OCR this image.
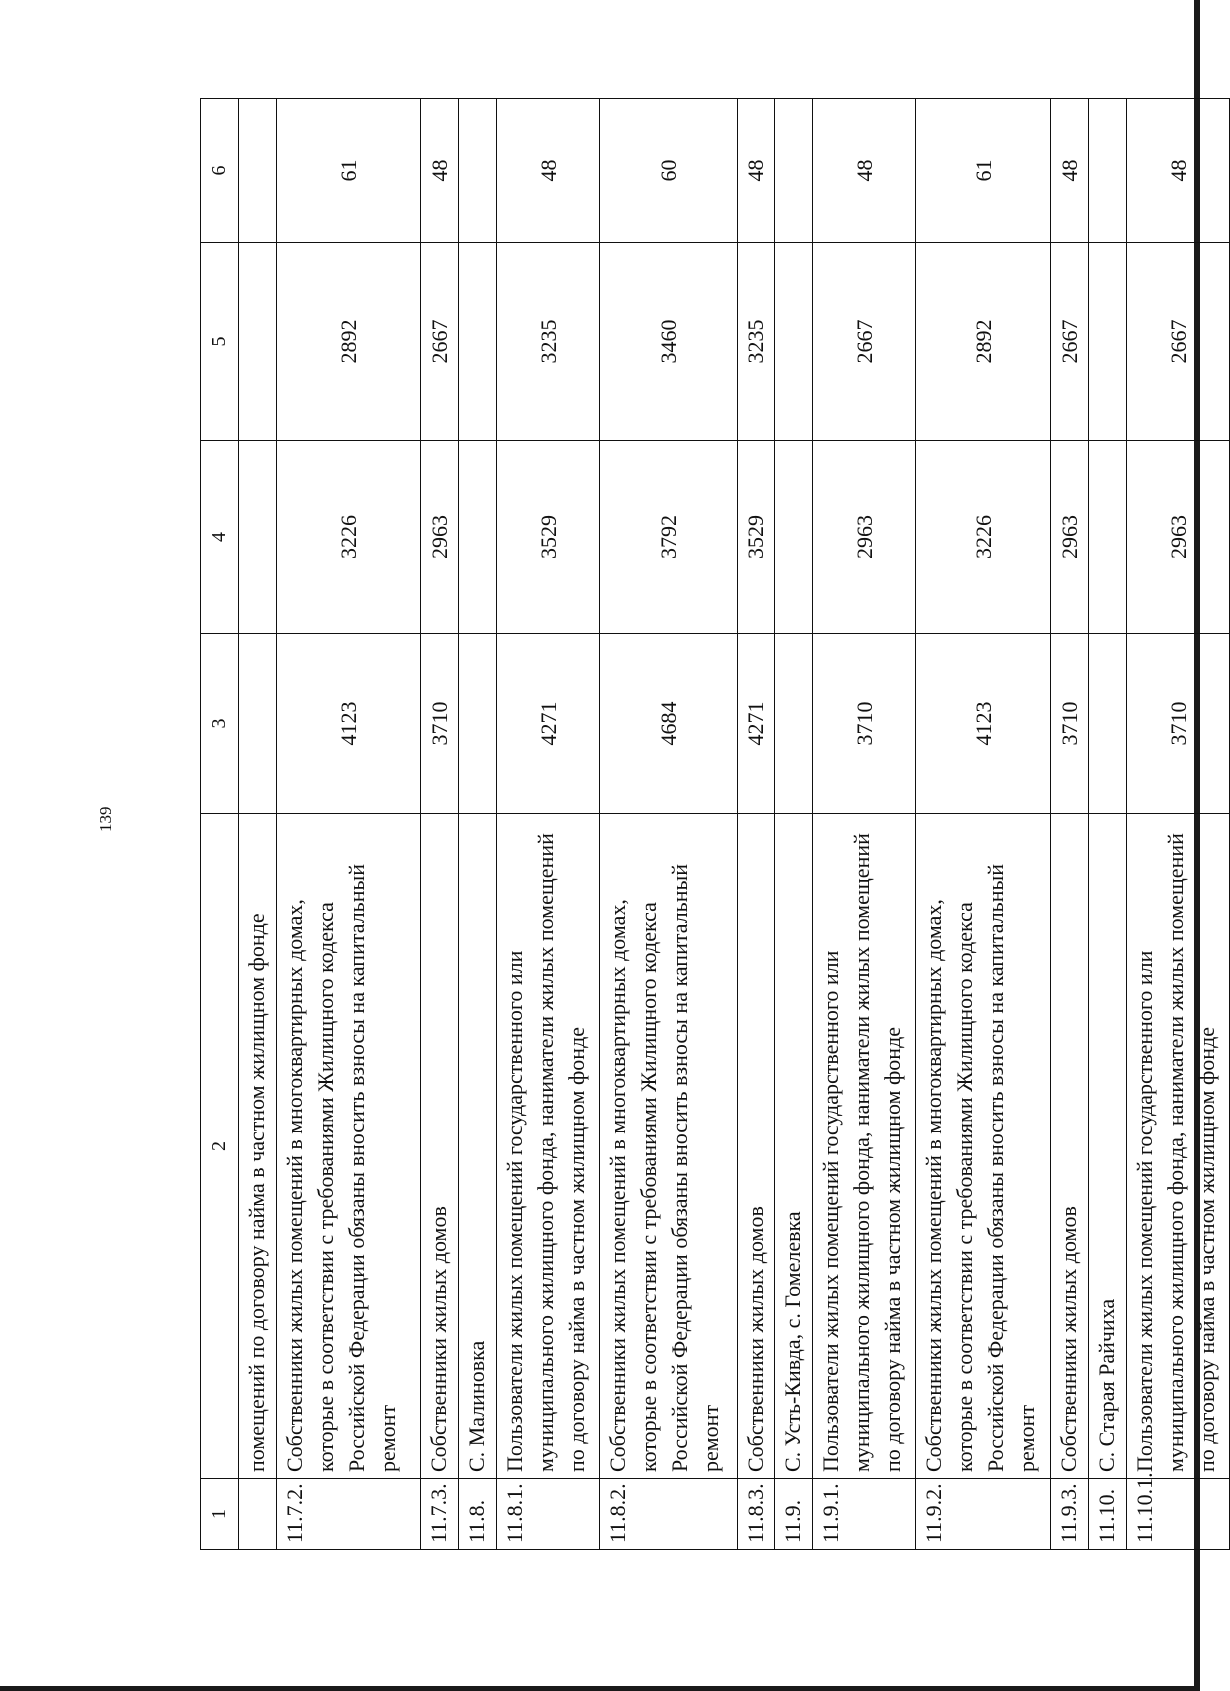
139
1	2	3	4	5	6
	помещений по договору найма в частном жилищном фонде				
11.7.2.	Собственники жилых помещений в многоквартирных домах, которые в соответствии с требованиями Жилищного кодекса Российской Федерации обязаны вносить взносы на капитальный ремонт	4123	3226	2892	61
11.7.3.	Собственники жилых домов	3710	2963	2667	48
11.8.	С. Малиновка				
11.8.1.	Пользователи жилых помещений государственного или муниципального жилищного фонда, наниматели жилых помещений по договору найма в частном жилищном фонде	4271	3529	3235	48
11.8.2.	Собственники жилых помещений в многоквартирных домах, которые в соответствии с требованиями Жилищного кодекса Российской Федерации обязаны вносить взносы на капитальный ремонт	4684	3792	3460	60
11.8.3.	Собственники жилых домов	4271	3529	3235	48
11.9.	С. Усть-Кивда, с. Гомелевка				
11.9.1.	Пользователи жилых помещений государственного или муниципального жилищного фонда, наниматели жилых помещений по договору найма в частном жилищном фонде	3710	2963	2667	48
11.9.2.	Собственники жилых помещений в многоквартирных домах, которые в соответствии с требованиями Жилищного кодекса Российской Федерации обязаны вносить взносы на капитальный ремонт	4123	3226	2892	61
11.9.3.	Собственники жилых домов	3710	2963	2667	48
11.10.	С. Старая Райчиха				
11.10.1.	Пользователи жилых помещений государственного или муниципального жилищного фонда, наниматели жилых помещений по договору найма в частном жилищном фонде	3710	2963	2667	48
